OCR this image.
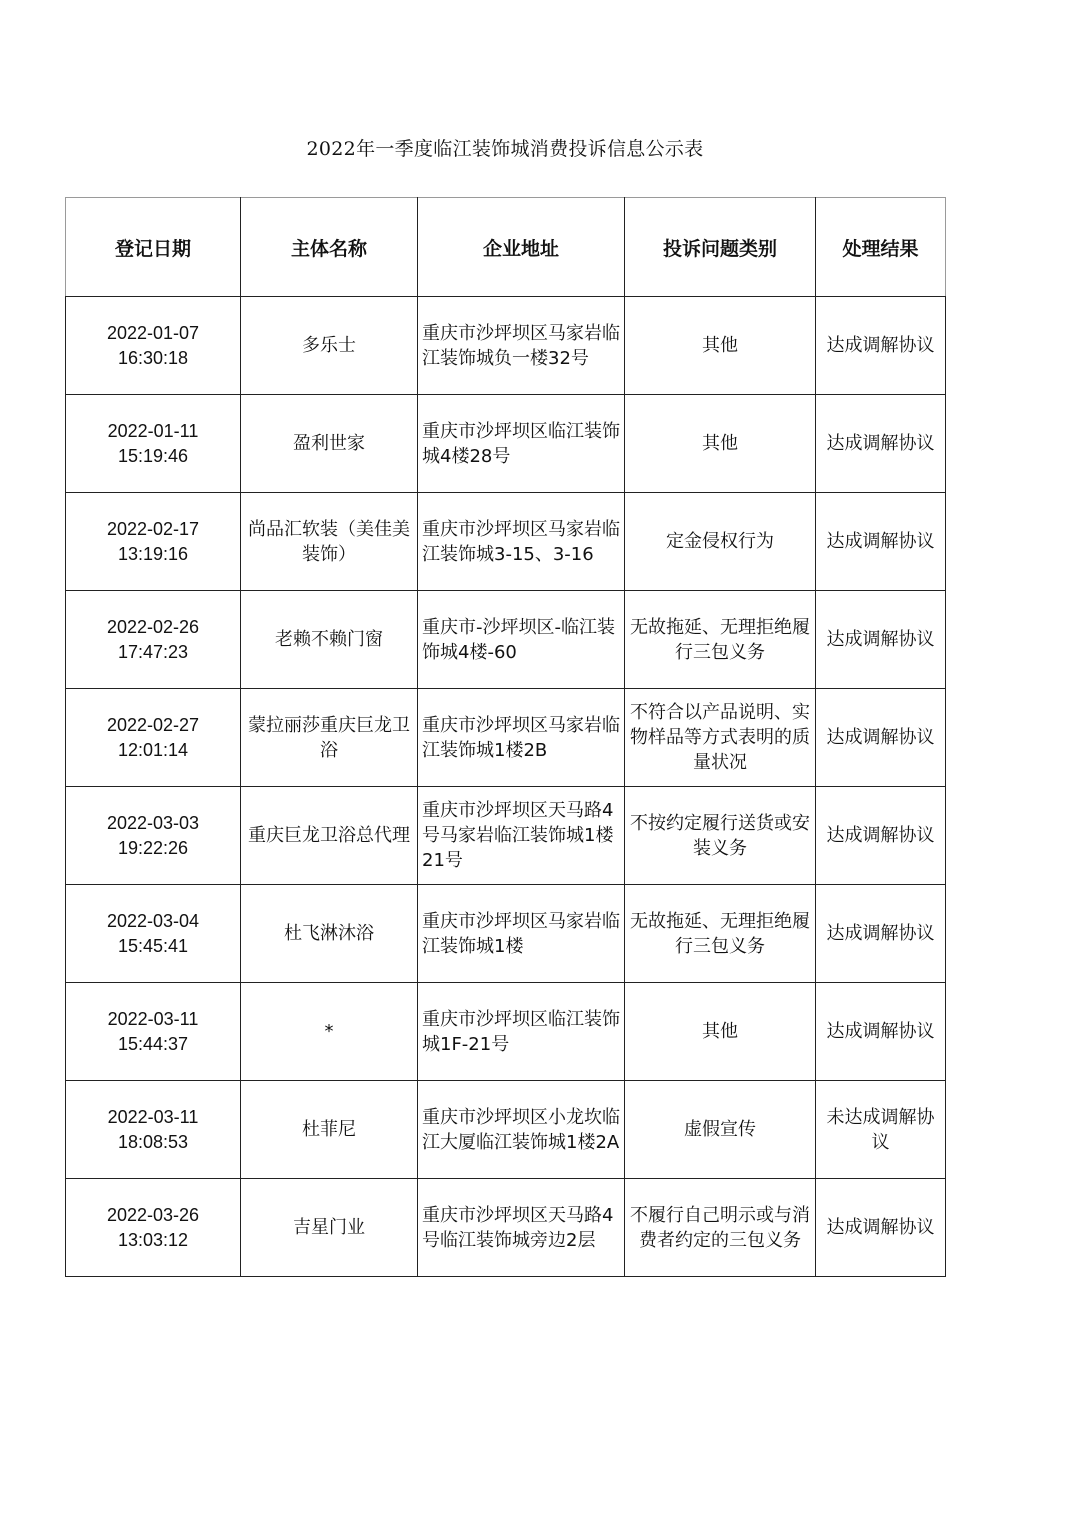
2022年一季度临江装饰城消费投诉信息公示表
登记日期	主体名称	企业地址	投诉问题类别	处理结果

2022-01-07
16:30:18	多乐士	重庆市沙坪坝区马家岩临江装饰城负一楼32号	其他	达成调解协议

2022-01-11
15:19:46	盈利世家	重庆市沙坪坝区临江装饰城4楼28号	其他	达成调解协议

2022-02-17
13:19:16	尚品汇软装（美佳美装饰）	重庆市沙坪坝区马家岩临江装饰城3-15、3-16	定金侵权行为	达成调解协议

2022-02-26
17:47:23	老赖不赖门窗	重庆市-沙坪坝区-临江装饰城4楼-60	无故拖延、无理拒绝履行三包义务	达成调解协议

2022-02-27
12:01:14	蒙拉丽莎重庆巨龙卫浴	重庆市沙坪坝区马家岩临江装饰城1楼2B	不符合以产品说明、实物样品等方式表明的质量状况	达成调解协议

2022-03-03
19:22:26	重庆巨龙卫浴总代理	重庆市沙坪坝区天马路4号马家岩临江装饰城1楼21号	不按约定履行送货或安装义务	达成调解协议

2022-03-04
15:45:41	杜飞淋沐浴	重庆市沙坪坝区马家岩临江装饰城1楼	无故拖延、无理拒绝履行三包义务	达成调解协议

2022-03-11
15:44:37	*	重庆市沙坪坝区临江装饰城1F-21号	其他	达成调解协议

2022-03-11
18:08:53	杜菲尼	重庆市沙坪坝区小龙坎临江大厦临江装饰城1楼2A	虚假宣传	未达成调解协议

2022-03-26
13:03:12	吉星门业	重庆市沙坪坝区天马路4号临江装饰城旁边2层	不履行自己明示或与消费者约定的三包义务	达成调解协议
